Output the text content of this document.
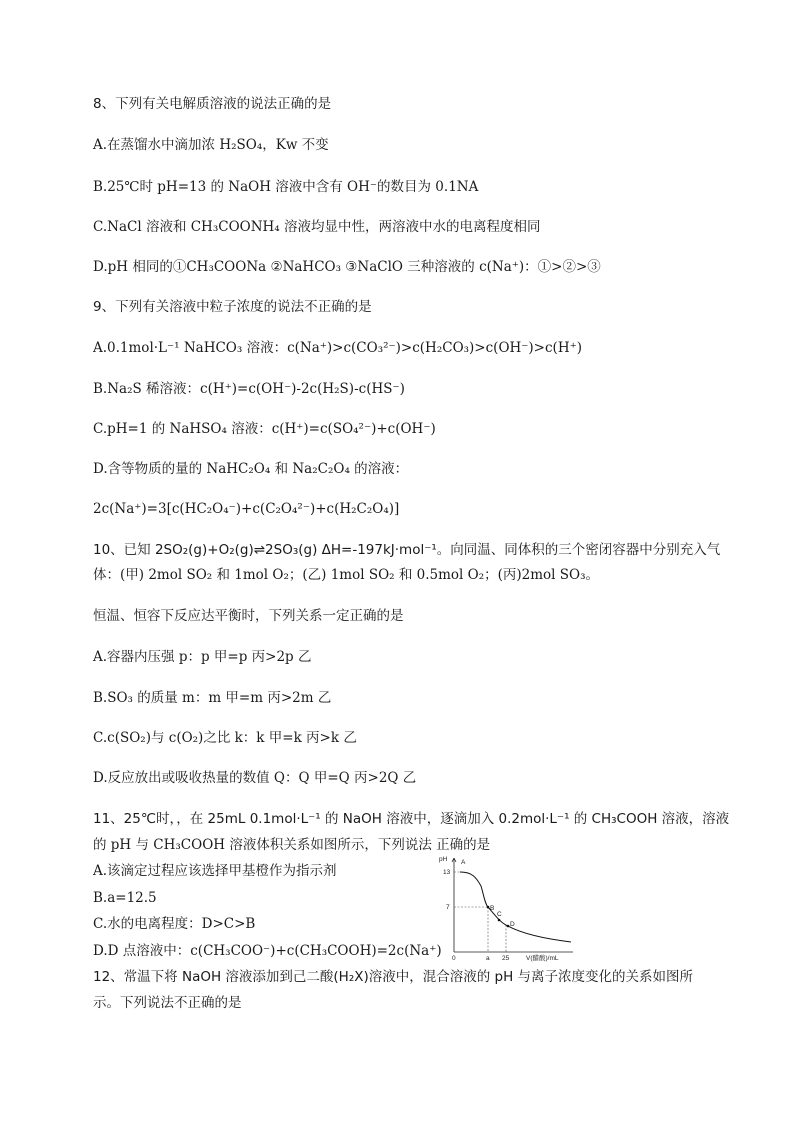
8、下列有关电解质溶液的说法正确的是
A.在蒸馏水中滴加浓 H₂SO₄，Kw 不变
B.25℃时 pH=13 的 NaOH 溶液中含有 OH⁻的数目为 0.1NA
C.NaCl 溶液和 CH₃COONH₄ 溶液均显中性，两溶液中水的电离程度相同
D.pH 相同的①CH₃COONa ②NaHCO₃ ③NaClO 三种溶液的 c(Na⁺)：①>②>③
9、下列有关溶液中粒子浓度的说法不正确的是
A.0.1mol·L⁻¹ NaHCO₃ 溶液：c(Na⁺)>c(CO₃²⁻)>c(H₂CO₃)>c(OH⁻)>c(H⁺)
B.Na₂S 稀溶液：c(H⁺)=c(OH⁻)-2c(H₂S)-c(HS⁻)
C.pH=1 的 NaHSO₄ 溶液：c(H⁺)=c(SO₄²⁻)+c(OH⁻)
D.含等物质的量的 NaHC₂O₄ 和 Na₂C₂O₄ 的溶液：
2c(Na⁺)=3[c(HC₂O₄⁻)+c(C₂O₄²⁻)+c(H₂C₂O₄)]
10、已知 2SO₂(g)+O₂(g)⇌2SO₃(g) ΔH=-197kJ·mol⁻¹。向同温、同体积的三个密闭容器中分别充入气
体：(甲) 2mol SO₂ 和 1mol O₂；(乙) 1mol SO₂ 和 0.5mol O₂；(丙)2mol SO₃。
恒温、恒容下反应达平衡时，下列关系一定正确的是
A.容器内压强 p：p 甲=p 丙>2p 乙
B.SO₃ 的质量 m：m 甲=m 丙>2m 乙
C.c(SO₂)与 c(O₂)之比 k：k 甲=k 丙>k 乙
D.反应放出或吸收热量的数值 Q：Q 甲=Q 丙>2Q 乙
11、25℃时，，在 25mL 0.1mol·L⁻¹ 的 NaOH 溶液中，逐滴加入 0.2mol·L⁻¹ 的 CH₃COOH 溶液，溶液
的 pH 与 CH₃COOH 溶液体积关系如图所示，下列说法 正确的是
A.该滴定过程应该选择甲基橙作为指示剂
B.a=12.5
C.水的电离程度：D>C>B
D.D 点溶液中：c(CH₃COO⁻)+c(CH₃COOH)=2c(Na⁺)
12、常温下将 NaOH 溶液添加到己二酸(H₂X)溶液中，混合溶液的 pH 与离子浓度变化的关系如图所
示。下列说法不正确的是
pH
13
7
0	a 25	V(醋酸)/mL
A
B
C
D
